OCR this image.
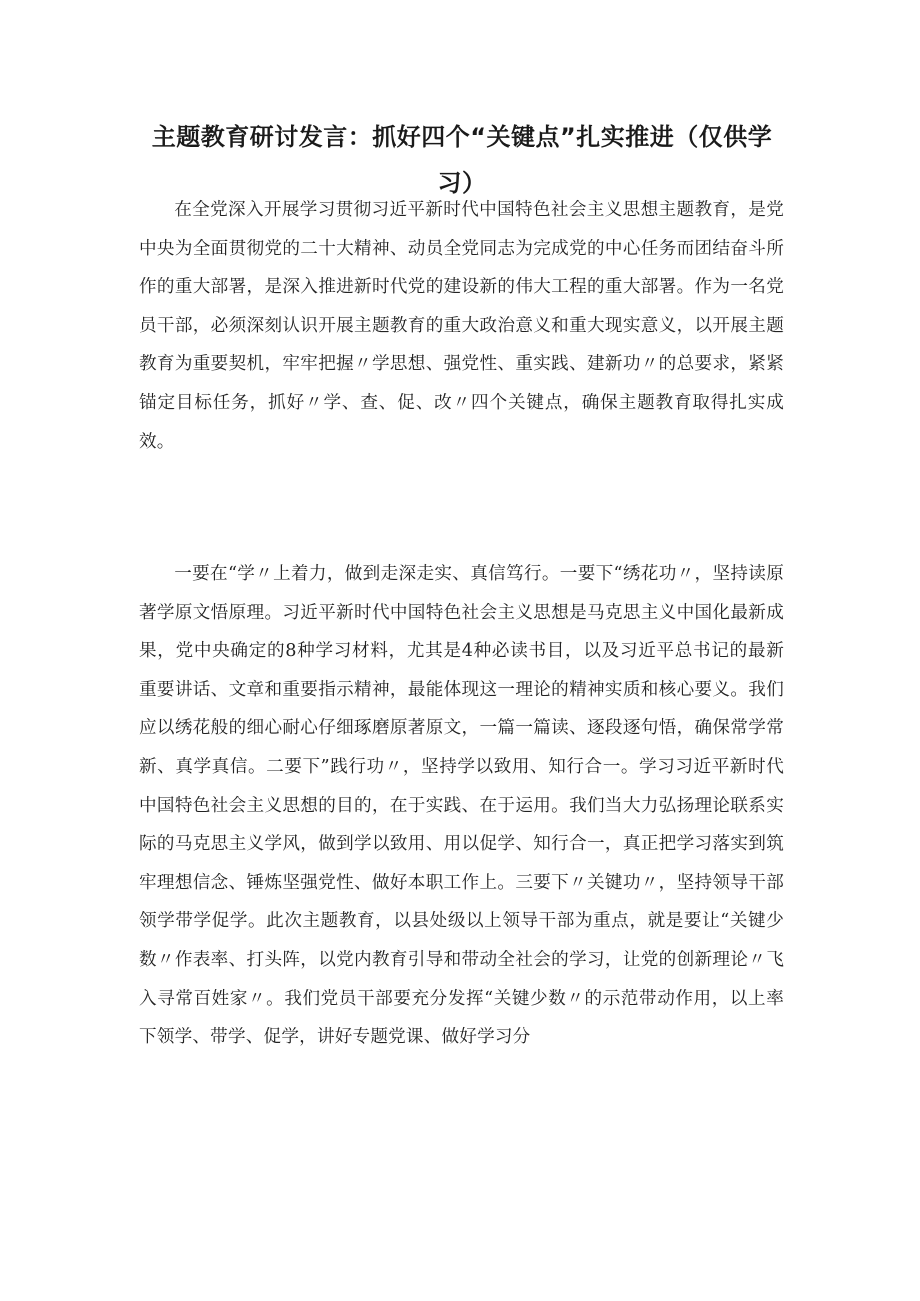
主题教育研讨发言：抓好四个“关键点”扎实推进（仅供学习）

在全党深入开展学习贯彻习近平新时代中国特色社会主义思想主题教育，是党中央为全面贯彻党的二十大精神、动员全党同志为完成党的中心任务而团结奋斗所作的重大部署，是深入推进新时代党的建设新的伟大工程的重大部署。作为一名党员干部，必须深刻认识开展主题教育的重大政治意义和重大现实意义，以开展主题教育为重要契机，牢牢把握〃学思想、强党性、重实践、建新功〃的总要求，紧紧锚定目标任务，抓好〃学、查、促、改〃四个关键点，确保主题教育取得扎实成效。

一要在“学〃上着力，做到走深走实、真信笃行。一要下“绣花功〃，坚持读原著学原文悟原理。习近平新时代中国特色社会主义思想是马克思主义中国化最新成果，党中央确定的8种学习材料，尤其是4种必读书目，以及习近平总书记的最新重要讲话、文章和重要指示精神，最能体现这一理论的精神实质和核心要义。我们应以绣花般的细心耐心仔细琢磨原著原文，一篇一篇读、逐段逐句悟，确保常学常新、真学真信。二要下”践行功〃，坚持学以致用、知行合一。学习习近平新时代中国特色社会主义思想的目的，在于实践、在于运用。我们当大力弘扬理论联系实际的马克思主义学风，做到学以致用、用以促学、知行合一，真正把学习落实到筑牢理想信念、锤炼坚强党性、做好本职工作上。三要下〃关键功〃，坚持领导干部领学带学促学。此次主题教育，以县处级以上领导干部为重点，就是要让“关键少数〃作表率、打头阵，以党内教育引导和带动全社会的学习，让党的创新理论〃飞入寻常百姓家〃。我们党员干部要充分发挥“关键少数〃的示范带动作用，以上率下领学、带学、促学，讲好专题党课、做好学习分
